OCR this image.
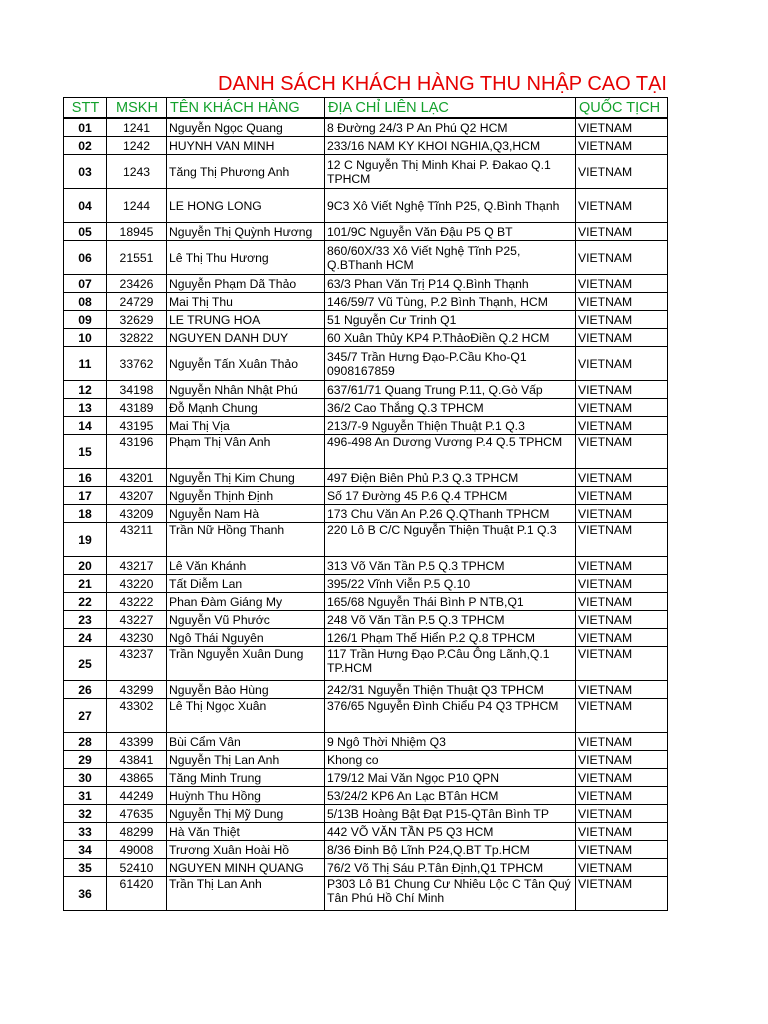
DANH SÁCH KHÁCH HÀNG THU NHẬP CAO TẠI
STT	MSKH	TÊN KHÁCH HÀNG	ĐỊA CHỈ LIÊN LẠC	QUỐC TỊCH
01	1241	Nguyễn Ngọc Quang	8 Đường 24/3 P An Phú Q2 HCM	VIETNAM
02	1242	HUYNH VAN MINH	233/16 NAM KY KHOI NGHIA,Q3,HCM	VIETNAM
03	1243	Tăng Thị Phương Anh	12 C Nguyễn Thị Minh Khai P. Đakao Q.1 TPHCM	VIETNAM
04	1244	LE HONG LONG	9C3 Xô Viết Nghệ Tĩnh P25, Q.Bình Thạnh	VIETNAM
05	18945	Nguyễn Thị Quỳnh Hương	101/9C Nguyễn Văn Đậu P5 Q BT	VIETNAM
06	21551	Lê Thị Thu Hương	860/60X/33 Xô Viết Nghệ Tĩnh P25, Q.BThanh HCM	VIETNAM
07	23426	Nguyễn Phạm Dã Thảo	63/3 Phan Văn Trị P14 Q.Bình Thạnh	VIETNAM
08	24729	Mai Thị Thu	146/59/7 Vũ Tùng, P.2 Bình Thạnh, HCM	VIETNAM
09	32629	LE TRUNG HOA	51 Nguyễn Cư Trinh Q1	VIETNAM
10	32822	NGUYEN DANH DUY	60 Xuân Thủy KP4 P.ThảoĐiền Q.2 HCM	VIETNAM
11	33762	Nguyễn Tấn Xuân Thảo	345/7 Trần Hưng Đạo-P.Cầu Kho-Q1 0908167859	VIETNAM
12	34198	Nguyễn Nhân Nhật Phú	637/61/71 Quang Trung P.11, Q.Gò Vấp	VIETNAM
13	43189	Đỗ Mạnh Chung	36/2 Cao Thắng Q.3 TPHCM	VIETNAM
14	43195	Mai Thị Vịa	213/7-9 Nguyễn Thiện Thuật P.1 Q.3	VIETNAM
15	43196	Phạm Thị Vân Anh	496-498 An Dương Vương P.4 Q.5 TPHCM	VIETNAM
16	43201	Nguyễn Thị Kim Chung	497 Điện Biên Phủ P.3 Q.3 TPHCM	VIETNAM
17	43207	Nguyễn Thịnh Định	Số 17 Đường 45 P.6 Q.4 TPHCM	VIETNAM
18	43209	Nguyễn Nam Hà	173 Chu Văn An P.26 Q.QThanh TPHCM	VIETNAM
19	43211	Trần Nữ Hồng Thanh	220 Lô B C/C Nguyễn Thiện Thuật P.1 Q.3	VIETNAM
20	43217	Lê Văn Khánh	313 Võ Văn Tần P.5 Q.3 TPHCM	VIETNAM
21	43220	Tất Diễm Lan	395/22 Vĩnh Viễn P.5 Q.10	VIETNAM
22	43222	Phan Đàm Giáng My	165/68 Nguyễn Thái Bình P NTB,Q1	VIETNAM
23	43227	Nguyễn Vũ Phước	248 Võ Văn Tần P.5 Q.3 TPHCM	VIETNAM
24	43230	Ngô Thái Nguyên	126/1 Phạm Thế Hiển P.2 Q.8 TPHCM	VIETNAM
25	43237	Trần Nguyễn Xuân Dung	117 Trần Hưng Đạo P.Câu Ông Lãnh,Q.1 TP.HCM	VIETNAM
26	43299	Nguyễn Bảo Hùng	242/31 Nguyễn Thiện Thuật Q3 TPHCM	VIETNAM
27	43302	Lê Thị Ngọc Xuân	376/65 Nguyễn Đình Chiểu P4 Q3 TPHCM	VIETNAM
28	43399	Bùi Cẩm Vân	9 Ngô Thời Nhiệm Q3	VIETNAM
29	43841	Nguyễn Thị Lan Anh	Khong co	VIETNAM
30	43865	Tăng Minh Trung	179/12 Mai Văn Ngọc P10 QPN	VIETNAM
31	44249	Huỳnh Thu Hồng	53/24/2 KP6 An Lạc BTân HCM	VIETNAM
32	47635	Nguyễn Thị Mỹ Dung	5/13B Hoàng Bật Đạt P15-QTân Bình TP	VIETNAM
33	48299	Hà Văn Thiệt	442 VÕ VĂN TẦN P5 Q3 HCM	VIETNAM
34	49008	Trương Xuân Hoài Hồ	8/36 Đinh Bộ Lĩnh P24,Q.BT Tp.HCM	VIETNAM
35	52410	NGUYEN MINH QUANG	76/2 Võ Thị Sáu P.Tân Định,Q1 TPHCM	VIETNAM
36	61420	Trần Thị Lan Anh	P303 Lô B1 Chung Cư Nhiêu Lộc C Tân Quý Tân Phú Hồ Chí Minh	VIETNAM
